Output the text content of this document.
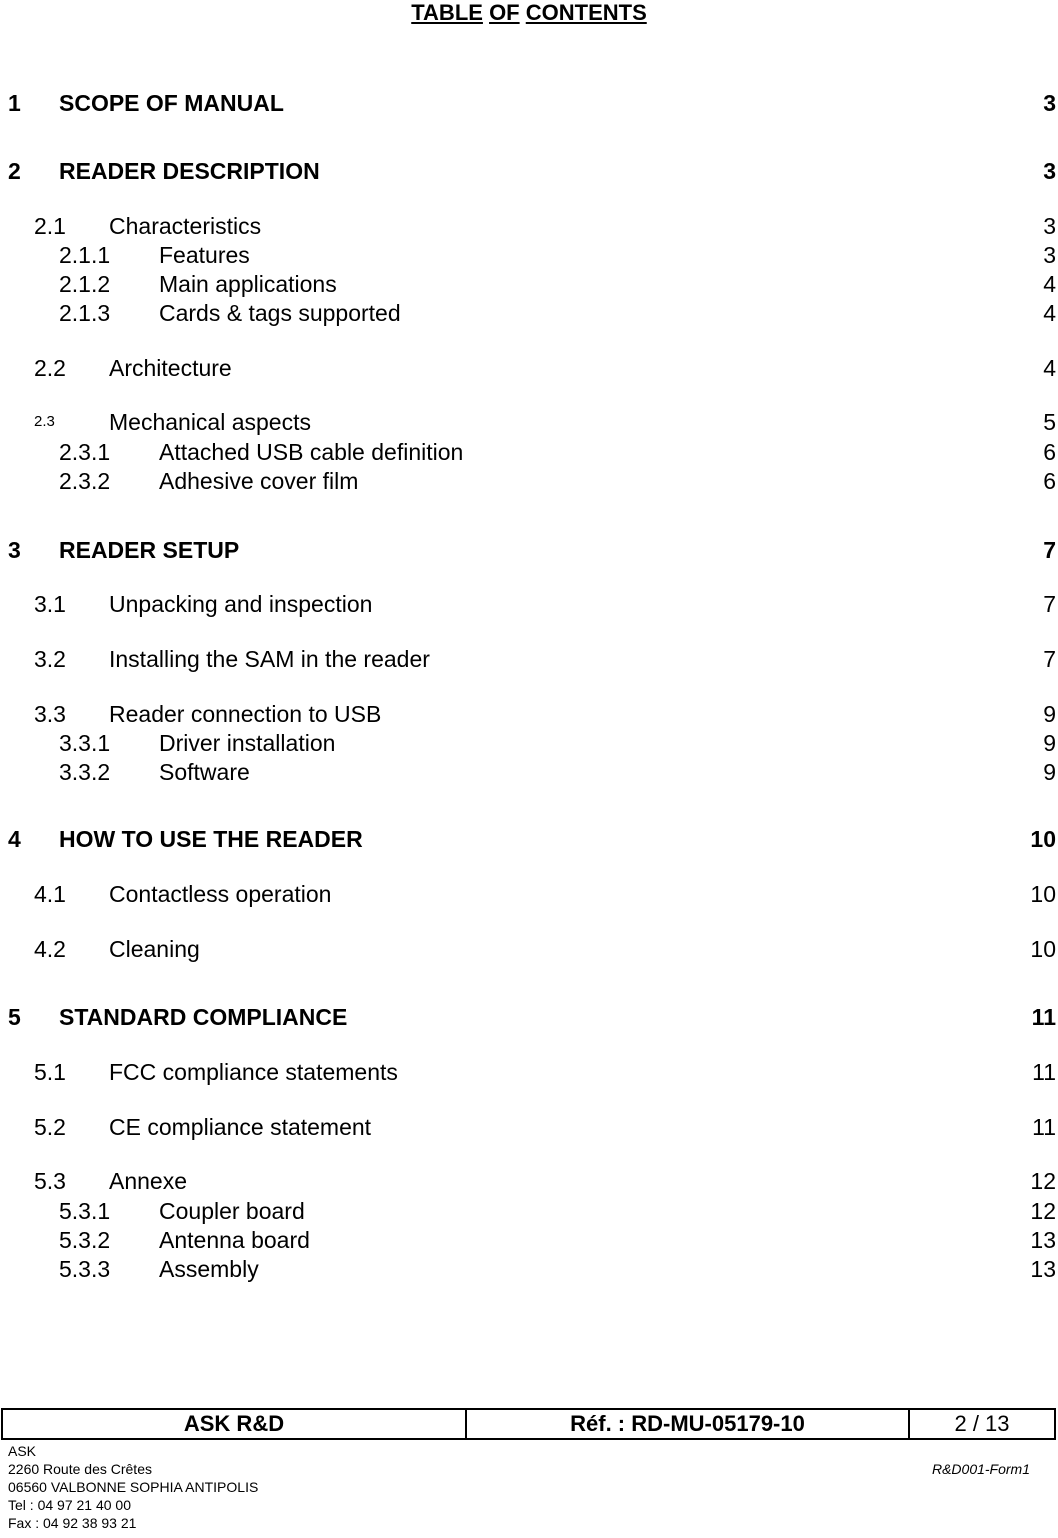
TABLE OF CONTENTS
1 SCOPE OF MANUAL	3
2 READER DESCRIPTION	3
2.1 Characteristics	3
2.1.1 Features	3
2.1.2 Main applications	4
2.1.3 Cards & tags supported	4
2.2 Architecture	4
2.3 Mechanical aspects	5
2.3.1 Attached USB cable definition	6
2.3.2 Adhesive cover film	6
3 READER SETUP	7
3.1 Unpacking and inspection	7
3.2 Installing the SAM in the reader	7
3.3 Reader connection to USB	9
3.3.1 Driver installation	9
3.3.2 Software	9
4 HOW TO USE THE READER	10
4.1 Contactless operation	10
4.2 Cleaning	10
5 STANDARD COMPLIANCE	11
5.1 FCC compliance statements	11
5.2 CE compliance statement	11
5.3 Annexe	12
5.3.1 Coupler board	12
5.3.2 Antenna board	13
5.3.3 Assembly	13
ASK R&D	Réf. : RD-MU-05179-10	2 / 13
ASK
2260 Route des Crêtes
06560 VALBONNE SOPHIA ANTIPOLIS
Tel : 04 97 21 40 00
Fax : 04 92 38 93 21
R&D001-Form1
